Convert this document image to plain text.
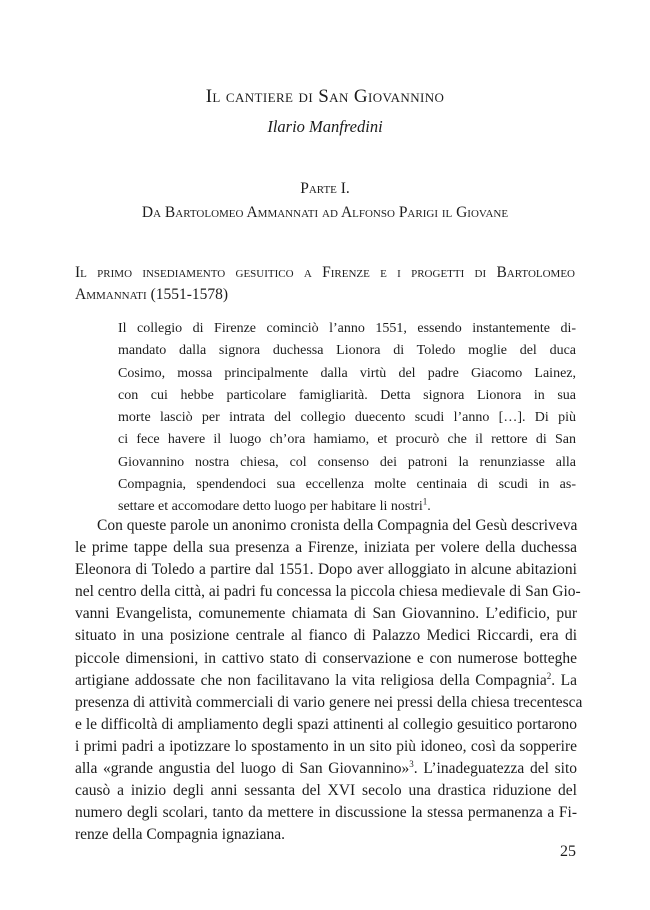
Il cantiere di San Giovannino
Ilario Manfredini
Parte I.
Da Bartolomeo Ammannati ad Alfonso Parigi il Giovane
Il primo insediamento gesuitico a Firenze e i progetti di Bartolomeo
Ammannati (1551-1578)
Il collegio di Firenze cominciò l’anno 1551, essendo instantemente di-
mandato dalla signora duchessa Lionora di Toledo moglie del duca
Cosimo, mossa principalmente dalla virtù del padre Giacomo Lainez,
con cui hebbe particolare famigliarità. Detta signora Lionora in sua
morte lasciò per intrata del collegio duecento scudi l’anno […]. Di più
ci fece havere il luogo ch’ora hamiamo, et procurò che il rettore di San
Giovannino nostra chiesa, col consenso dei patroni la renunziasse alla
Compagnia, spendendoci sua eccellenza molte centinaia di scudi in as-
settare et accomodare detto luogo per habitare li nostri$^1$.
Con queste parole un anonimo cronista della Compagnia del Gesù descriveva
le prime tappe della sua presenza a Firenze, iniziata per volere della duchessa
Eleonora di Toledo a partire dal 1551. Dopo aver alloggiato in alcune abitazioni
nel centro della città, ai padri fu concessa la piccola chiesa medievale di San Gio-
vanni Evangelista, comunemente chiamata di San Giovannino. L’edificio, pur
situato in una posizione centrale al fianco di Palazzo Medici Riccardi, era di
piccole dimensioni, in cattivo stato di conservazione e con numerose botteghe
artigiane addossate che non facilitavano la vita religiosa della Compagnia$^2$. La
presenza di attività commerciali di vario genere nei pressi della chiesa trecentesca
e le difficoltà di ampliamento degli spazi attinenti al collegio gesuitico portarono
i primi padri a ipotizzare lo spostamento in un sito più idoneo, così da sopperire
alla «grande angustia del luogo di San Giovannino»$^3$. L’inadeguatezza del sito
causò a inizio degli anni sessanta del XVI secolo una drastica riduzione del
numero degli scolari, tanto da mettere in discussione la stessa permanenza a Fi-
renze della Compagnia ignaziana.
25
